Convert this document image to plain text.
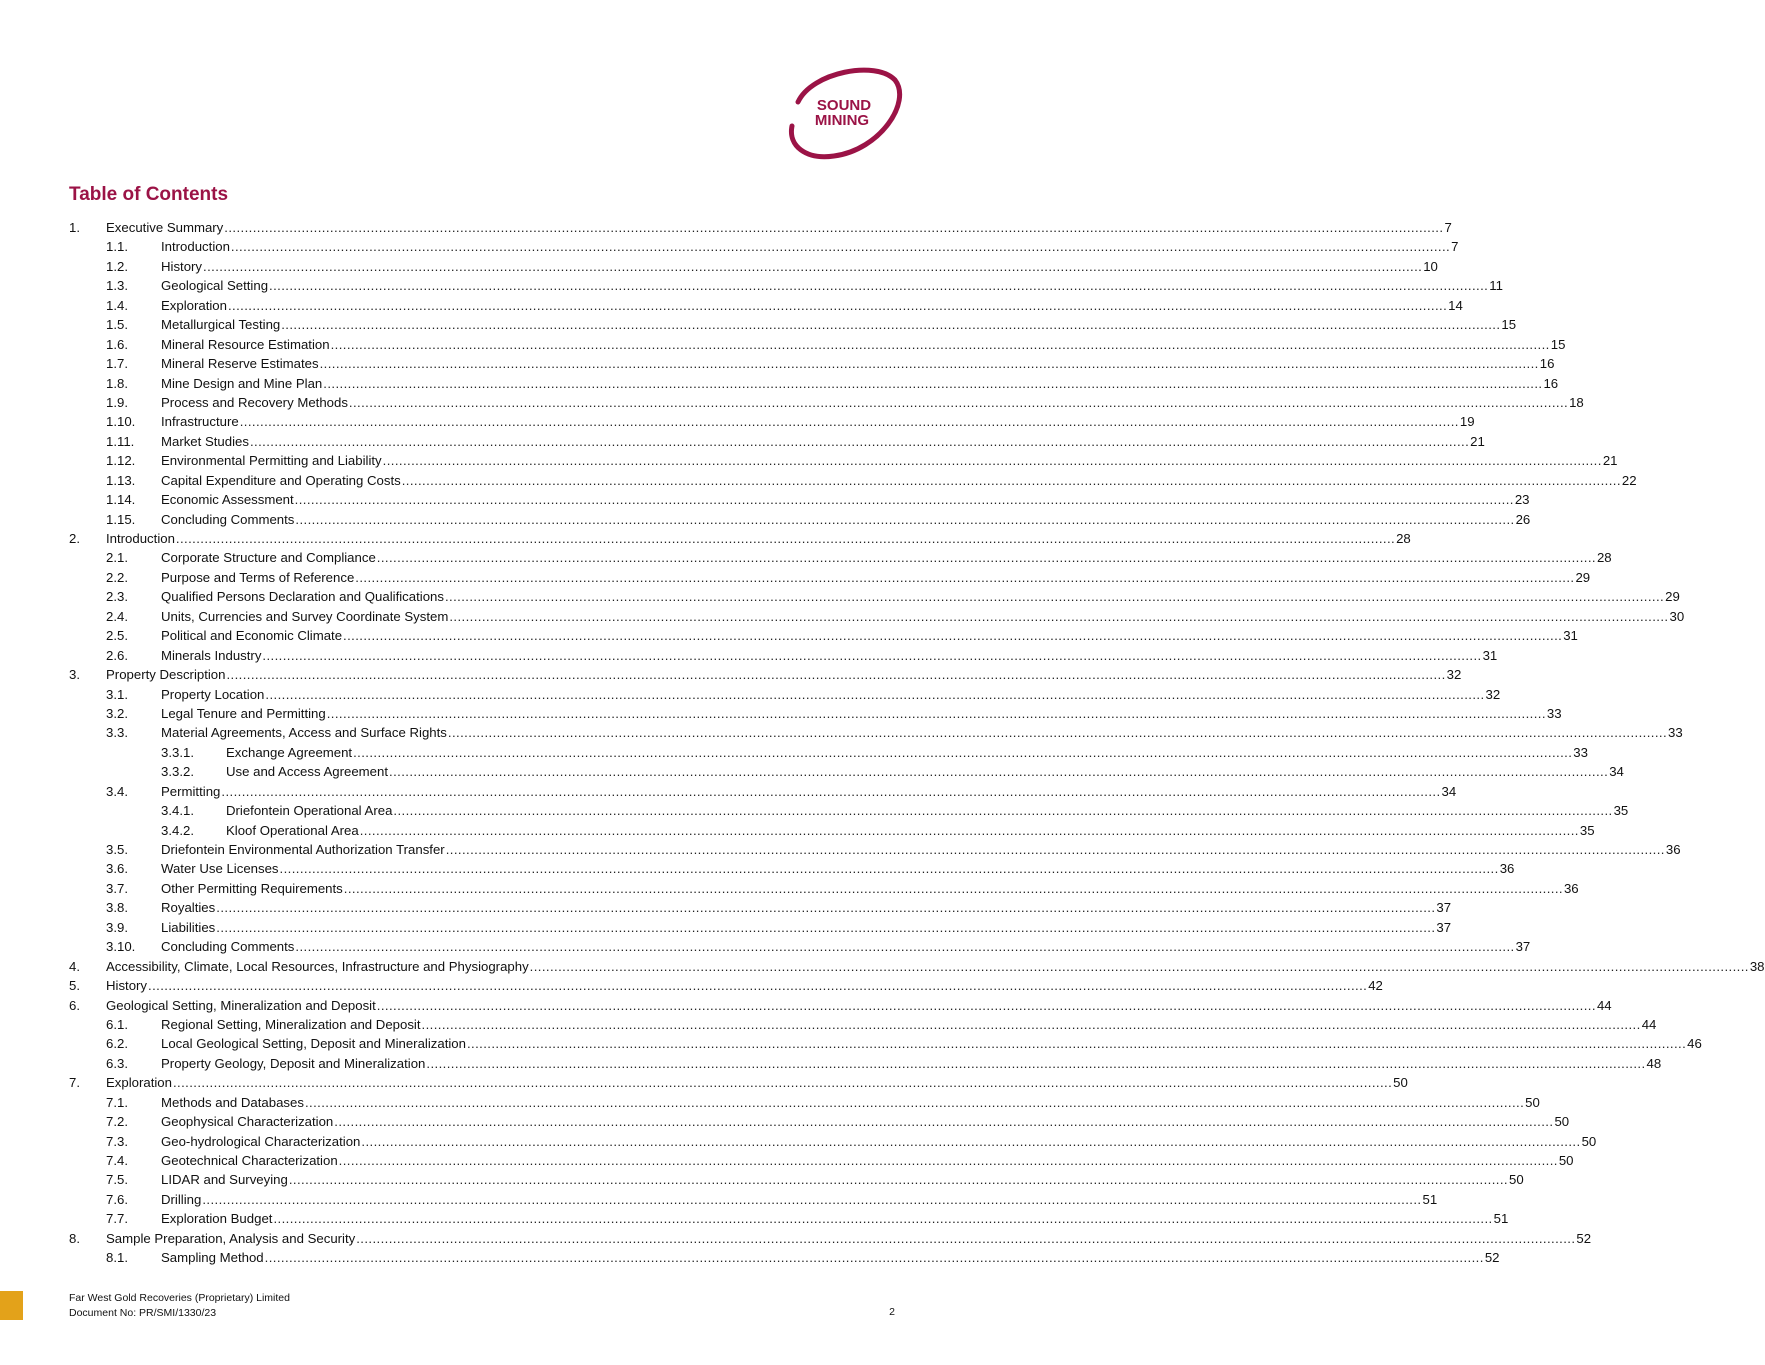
SOUND
MINING
Table of Contents
1. Executive Summary ............................................................................................................................................................................................................................................................................................................ 7
1.1.	Introduction ............................................................................................................................................................................................................................................................................................................ 7
1.2.	History ............................................................................................................................................................................................................................................................................................................ 10
1.3.	Geological Setting ............................................................................................................................................................................................................................................................................................................ 11
1.4.	Exploration ............................................................................................................................................................................................................................................................................................................ 14
1.5.	Metallurgical Testing ............................................................................................................................................................................................................................................................................................................ 15
1.6.	Mineral Resource Estimation ............................................................................................................................................................................................................................................................................................................ 15
1.7.	Mineral Reserve Estimates ............................................................................................................................................................................................................................................................................................................ 16
1.8.	Mine Design and Mine Plan ............................................................................................................................................................................................................................................................................................................ 16
1.9.	Process and Recovery Methods ............................................................................................................................................................................................................................................................................................................ 18
1.10. Infrastructure ............................................................................................................................................................................................................................................................................................................ 19
1.11. Market Studies ............................................................................................................................................................................................................................................................................................................ 21
1.12. Environmental Permitting and Liability ............................................................................................................................................................................................................................................................................................................ 21
1.13. Capital Expenditure and Operating Costs ............................................................................................................................................................................................................................................................................................................ 22
1.14. Economic Assessment ............................................................................................................................................................................................................................................................................................................ 23
1.15. Concluding Comments ............................................................................................................................................................................................................................................................................................................ 26
2. Introduction ............................................................................................................................................................................................................................................................................................................ 28
2.1.	Corporate Structure and Compliance ............................................................................................................................................................................................................................................................................................................ 28
2.2.	Purpose and Terms of Reference ............................................................................................................................................................................................................................................................................................................ 29
2.3.	Qualified Persons Declaration and Qualifications ............................................................................................................................................................................................................................................................................................................ 29
2.4.	Units, Currencies and Survey Coordinate System ............................................................................................................................................................................................................................................................................................................ 30
2.5.	Political and Economic Climate ............................................................................................................................................................................................................................................................................................................ 31
2.6.	Minerals Industry ............................................................................................................................................................................................................................................................................................................ 31
3. Property Description ............................................................................................................................................................................................................................................................................................................ 32
3.1.	Property Location ............................................................................................................................................................................................................................................................................................................ 32
3.2.	Legal Tenure and Permitting ............................................................................................................................................................................................................................................................................................................ 33
3.3.	Material Agreements, Access and Surface Rights ............................................................................................................................................................................................................................................................................................................ 33
3.3.1. Exchange Agreement ............................................................................................................................................................................................................................................................................................................ 33
3.3.2. Use and Access Agreement ............................................................................................................................................................................................................................................................................................................ 34
3.4.	Permitting ............................................................................................................................................................................................................................................................................................................ 34
3.4.1. Driefontein Operational Area ............................................................................................................................................................................................................................................................................................................ 35
3.4.2. Kloof Operational Area ............................................................................................................................................................................................................................................................................................................ 35
3.5.	Driefontein Environmental Authorization Transfer ............................................................................................................................................................................................................................................................................................................ 36
3.6.	Water Use Licenses ............................................................................................................................................................................................................................................................................................................ 36
3.7.	Other Permitting Requirements ............................................................................................................................................................................................................................................................................................................ 36
3.8.	Royalties ............................................................................................................................................................................................................................................................................................................ 37
3.9.	Liabilities ............................................................................................................................................................................................................................................................................................................ 37
3.10. Concluding Comments ............................................................................................................................................................................................................................................................................................................ 37
4. Accessibility, Climate, Local Resources, Infrastructure and Physiography ............................................................................................................................................................................................................................................................................................................ 38
5. History ............................................................................................................................................................................................................................................................................................................ 42
6. Geological Setting, Mineralization and Deposit ............................................................................................................................................................................................................................................................................................................ 44
6.1.	Regional Setting, Mineralization and Deposit ............................................................................................................................................................................................................................................................................................................ 44
6.2.	Local Geological Setting, Deposit and Mineralization ............................................................................................................................................................................................................................................................................................................ 46
6.3.	Property Geology, Deposit and Mineralization ............................................................................................................................................................................................................................................................................................................ 48
7. Exploration ............................................................................................................................................................................................................................................................................................................ 50
7.1.	Methods and Databases ............................................................................................................................................................................................................................................................................................................ 50
7.2.	Geophysical Characterization ............................................................................................................................................................................................................................................................................................................ 50
7.3.	Geo-hydrological Characterization ............................................................................................................................................................................................................................................................................................................ 50
7.4.	Geotechnical Characterization ............................................................................................................................................................................................................................................................................................................ 50
7.5.	LIDAR and Surveying ............................................................................................................................................................................................................................................................................................................ 50
7.6.	Drilling ............................................................................................................................................................................................................................................................................................................ 51
7.7.	Exploration Budget ............................................................................................................................................................................................................................................................................................................ 51
8. Sample Preparation, Analysis and Security ............................................................................................................................................................................................................................................................................................................ 52
8.1.	Sampling Method ............................................................................................................................................................................................................................................................................................................ 52
Far West Gold Recoveries (Proprietary) Limited
Document No: PR/SMI/1330/23	2
